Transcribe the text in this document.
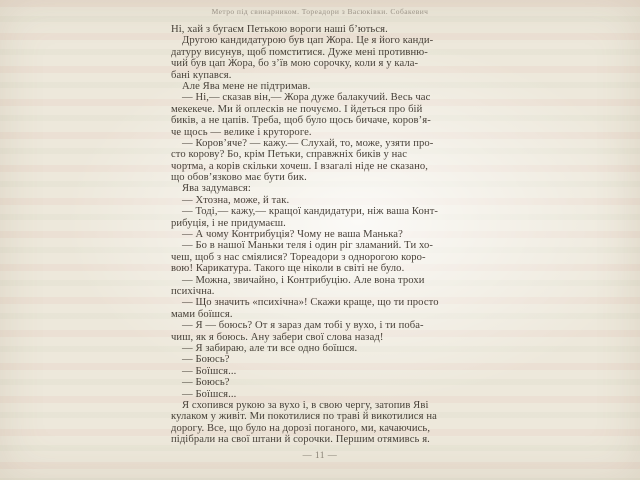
Метро під свинарником. Тореадори з Васюківки. Собакевич
Ні, хай з бугаєм Петькою вороги наші б’ються.
Другою кандидатурою був цап Жора. Це я його канди-
датуру висунув, щоб помститися. Дуже мені противню-
чий був цап Жора, бо з’їв мою сорочку, коли я у кала-
бані купався.
Але Ява мене не підтримав.
— Ні,— сказав він,— Жора дуже балакучий. Весь час
мекекече. Ми й оплесків не почуємо. І йдеться про бій
биків, а не цапів. Треба, щоб було щось бичаче, коров’я-
че щось — велике і крутороге.
— Коров’яче? — кажу.— Слухай, то, може, узяти про-
сто корову? Бо, крім Петьки, справжніх биків у нас
чортма, а корів скільки хочеш. І взагалі ніде не сказано,
що обов’язково має бути бик.
Ява задумався:
— Хтозна, може, й так.
— Тоді,— кажу,— кращої кандидатури, ніж ваша Конт-
рибуція, і не придумаєш.
— А чому Контрибуція? Чому не ваша Манька?
— Бо в нашої Маньки теля і один ріг зламаний. Ти хо-
чеш, щоб з нас сміялися? Тореадори з однорогою коро-
вою! Карикатура. Такого ще ніколи в світі не було.
— Можна, звичайно, і Контрибуцію. Але вона трохи
психічна.
— Що значить «психічна»! Скажи краще, що ти просто
мами боїшся.
— Я — боюсь? От я зараз дам тобі у вухо, і ти поба-
чиш, як я боюсь. Ану забери свої слова назад!
— Я забираю, але ти все одно боїшся.
— Боюсь?
— Боїшся...
— Боюсь?
— Боїшся...
Я схопився рукою за вухо і, в свою чергу, затопив Яві
кулаком у живіт. Ми покотилися по траві й викотилися на
дорогу. Все, що було на дорозі поганого, ми, качаючись,
підібрали на свої штани й сорочки. Першим отямивсь я.
— 11 —
